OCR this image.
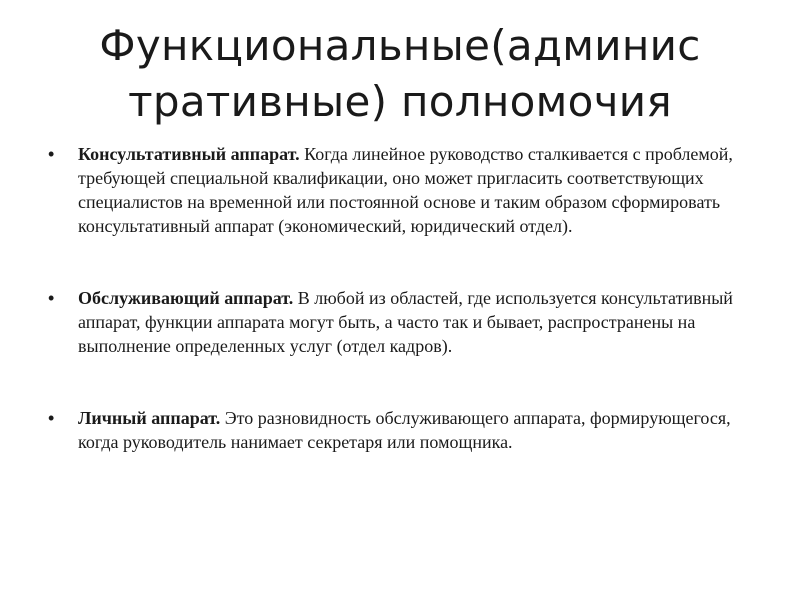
Функциональные(админис
тративные) полномочия
• Консультативный аппарат. Когда линейное руководство сталкивается с проблемой, требующей специальной квалификации, оно может пригласить соответствующих специалистов на временной или постоянной основе и таким образом сформировать консультативный аппарат (экономический, юридический отдел).
• Обслуживающий аппарат. В любой из областей, где используется консультативный аппарат, функции аппарата могут быть, а часто так и бывает, распространены на выполнение определенных услуг (отдел кадров).
• Личный аппарат. Это разновидность обслуживающего аппарата, формирующегося, когда руководитель нанимает секретаря или помощника.
